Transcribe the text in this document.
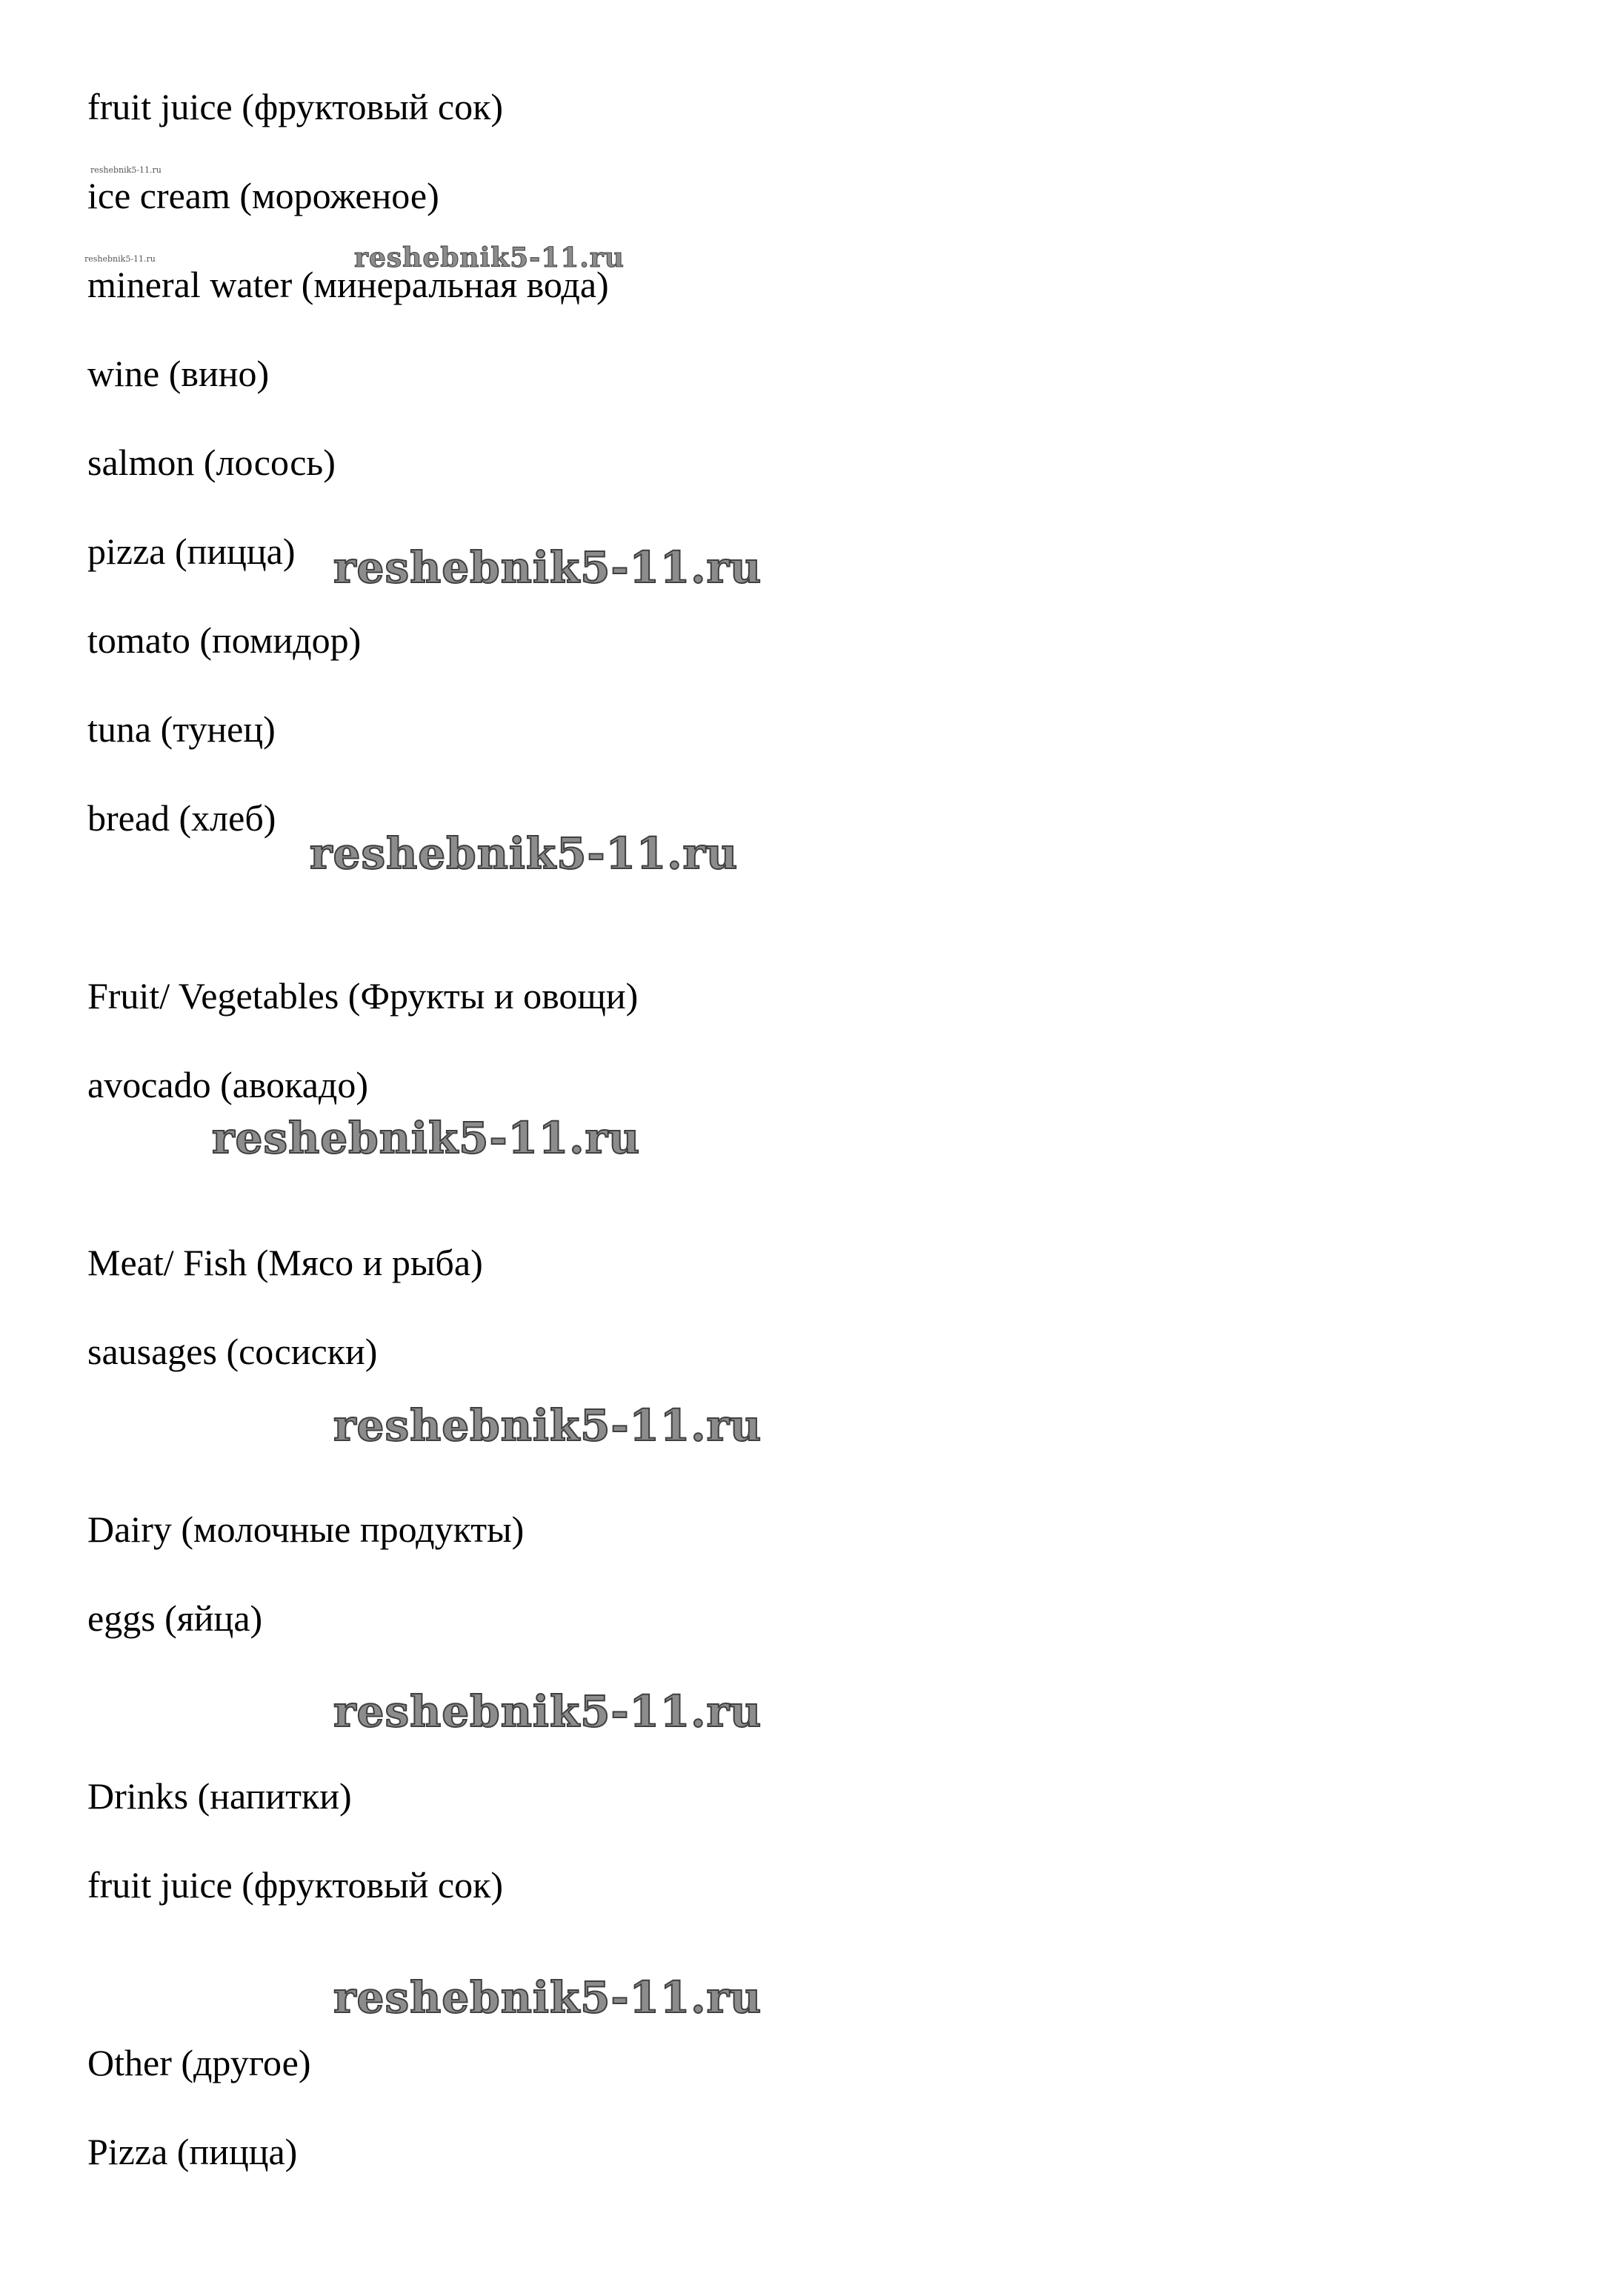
fruit juice (фруктовый сок)

ice cream (мороженое)

mineral water (минеральная вода)

wine (вино)

salmon (лосось)

pizza (пицца)

tomato (помидор)

tuna (тунец)

bread (хлеб)

Fruit/ Vegetables (Фрукты и овощи)

avocado (авокадо)

Meat/ Fish (Мясо и рыба)

sausages (сосиски)

Dairy (молочные продукты)

eggs (яйца)

Drinks (напитки)

fruit juice (фруктовый сок)

Other (другое)

Pizza (пицца)

reshebnik5-11.ru
reshebnik5-11.ru	reshebnik5-11.ru
reshebnik5-11.ru
reshebnik5-11.ru
reshebnik5-11.ru
reshebnik5-11.ru
reshebnik5-11.ru
reshebnik5-11.ru
